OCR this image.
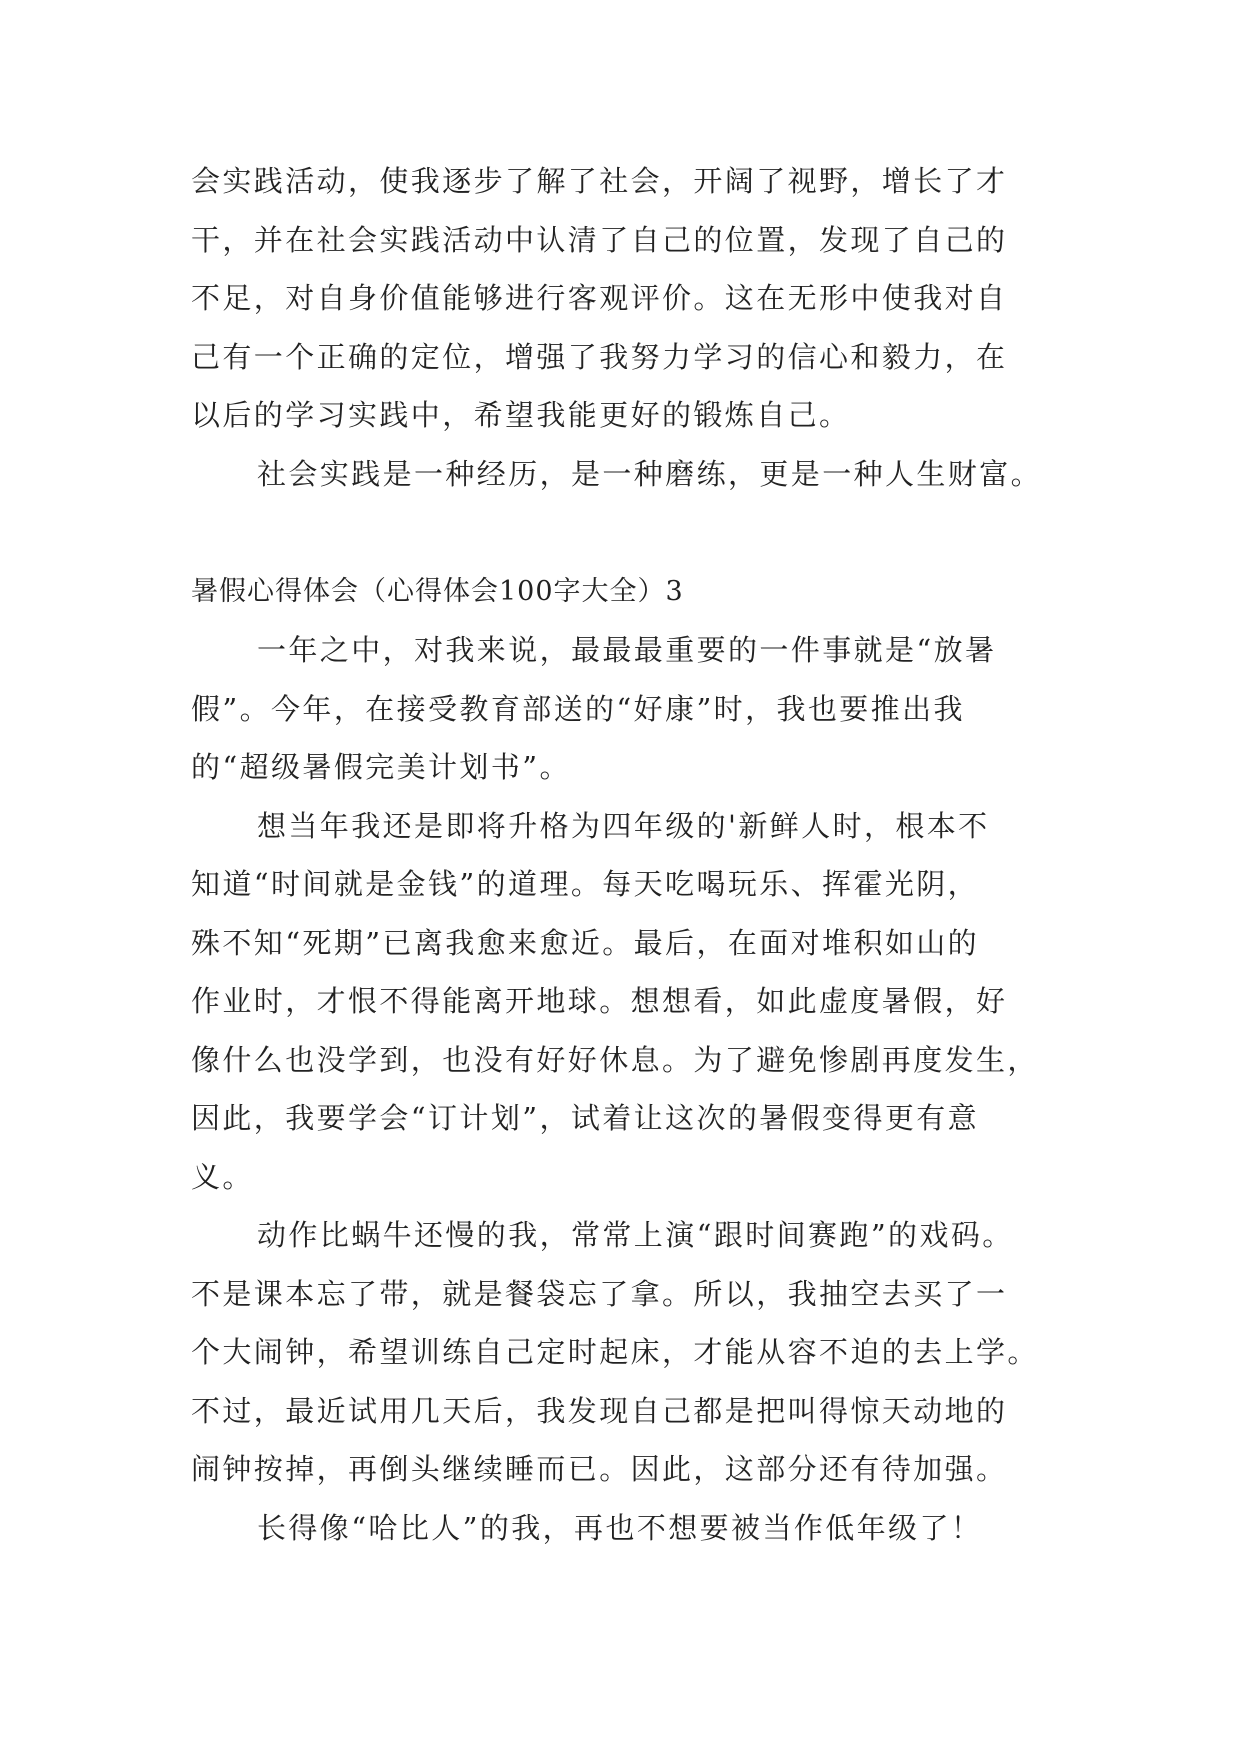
会实践活动，使我逐步了解了社会，开阔了视野，增长了才
干，并在社会实践活动中认清了自己的位置，发现了自己的
不足，对自身价值能够进行客观评价。这在无形中使我对自
己有一个正确的定位，增强了我努力学习的信心和毅力，在
以后的学习实践中，希望我能更好的锻炼自己。
社会实践是一种经历，是一种磨练，更是一种人生财富。
暑假心得体会（心得体会100字大全）3
一年之中，对我来说，最最最重要的一件事就是“放暑
假”。今年，在接受教育部送的“好康”时，我也要推出我
的“超级暑假完美计划书”。
想当年我还是即将升格为四年级的'新鲜人时，根本不
知道“时间就是金钱”的道理。每天吃喝玩乐、挥霍光阴，
殊不知“死期”已离我愈来愈近。最后，在面对堆积如山的
作业时，才恨不得能离开地球。想想看，如此虚度暑假，好
像什么也没学到，也没有好好休息。为了避免惨剧再度发生，
因此，我要学会“订计划”，试着让这次的暑假变得更有意
义。
动作比蜗牛还慢的我，常常上演“跟时间赛跑”的戏码。
不是课本忘了带，就是餐袋忘了拿。所以，我抽空去买了一
个大闹钟，希望训练自己定时起床，才能从容不迫的去上学。
不过，最近试用几天后，我发现自己都是把叫得惊天动地的
闹钟按掉，再倒头继续睡而已。因此，这部分还有待加强。
长得像“哈比人”的我，再也不想要被当作低年级了！
